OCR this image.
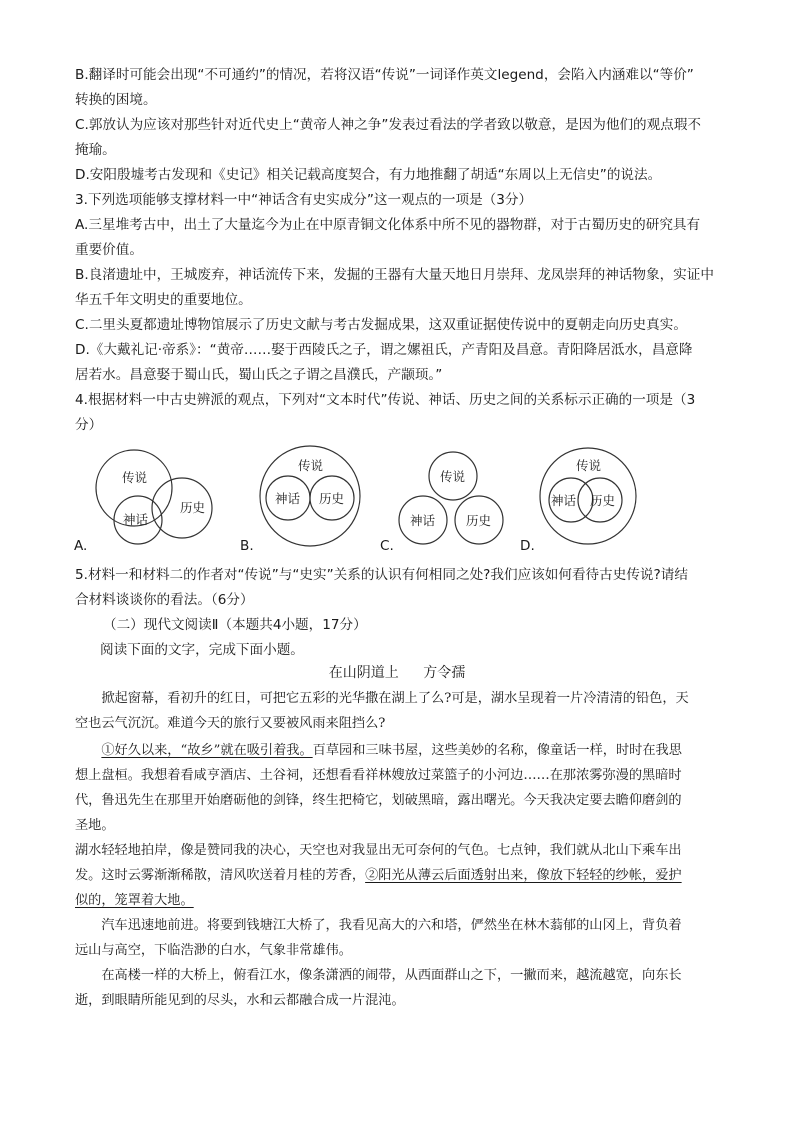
B.翻译时可能会出现“不可通约”的情况，若将汉语“传说”一词译作英文legend，会陷入内涵难以“等价”
转换的困境。
C.郭放认为应该对那些针对近代史上“黄帝人神之争”发表过看法的学者致以敬意，是因为他们的观点瑕不
掩瑜。
D.安阳殷墟考古发现和《史记》相关记载高度契合，有力地推翻了胡适“东周以上无信史”的说法。
3.下列选项能够支撑材料一中“神话含有史实成分”这一观点的一项是（3分）
A.三星堆考古中，出土了大量迄今为止在中原青铜文化体系中所不见的器物群，对于古蜀历史的研究具有
重要价值。
B.良渚遗址中，王城废弃，神话流传下来，发掘的王器有大量天地日月崇拜、龙凤崇拜的神话物象，实证中
华五千年文明史的重要地位。
C.二里头夏都遗址博物馆展示了历史文献与考古发掘成果，这双重证据使传说中的夏朝走向历史真实。
D.《大戴礼记·帝系》：“黄帝……娶于西陵氏之子，谓之嫘祖氏，产青阳及昌意。青阳降居泜水，昌意降
居若水。昌意娶于蜀山氏，蜀山氏之子谓之昌濮氏，产颛顼。”
4.根据材料一中古史辨派的观点，下列对“文本时代”传说、神话、历史之间的关系标示正确的一项是（3
分）
传说
历史
神话
A.
传说
神话 历史
B.
传说
神话 历史
C.
传说
神话 历史
D.
5.材料一和材料二的作者对“传说”与“史实”关系的认识有何相同之处?我们应该如何看待古史传说?请结
合材料谈谈你的看法。（6分）
（二）现代文阅读Ⅱ（本题共4小题，17分）
阅读下面的文字，完成下面小题。
在山阴道上 方令孺
　　掀起窗幕，看初升的红日，可把它五彩的光华撒在湖上了么?可是，湖水呈现着一片冷清清的铅色，天
空也云气沉沉。难道今天的旅行又要被风雨来阻挡么?
　　①好久以来，“故乡”就在吸引着我。百草园和三味书屋，这些美妙的名称，像童话一样，时时在我思
想上盘桓。我想着看咸亨酒店、土谷祠，还想看看祥林嫂放过菜篮子的小河边……在那浓雾弥漫的黑暗时
代，鲁迅先生在那里开始磨砺他的剑锋，终生把椅它，划破黑暗，露出曙光。今天我决定要去瞻仰磨剑的
圣地。
湖水轻轻地拍岸，像是赞同我的决心，天空也对我显出无可奈何的气色。七点钟，我们就从北山下乘车出
发。这时云雾渐渐稀散，清风吹送着月桂的芳香，②阳光从薄云后面透射出来，像放下轻轻的纱帐，爱护
似的，笼罩着大地。
　　汽车迅速地前进。将要到钱塘江大桥了，我看见高大的六和塔，俨然坐在林木蓊郁的山冈上，背负着
远山与高空，下临浩渺的白水，气象非常雄伟。
　　在高楼一样的大桥上，俯看江水，像条潇洒的闹带，从西面群山之下，一撇而来，越流越宽，向东长
逝，到眼睛所能见到的尽头，水和云都融合成一片混沌。
